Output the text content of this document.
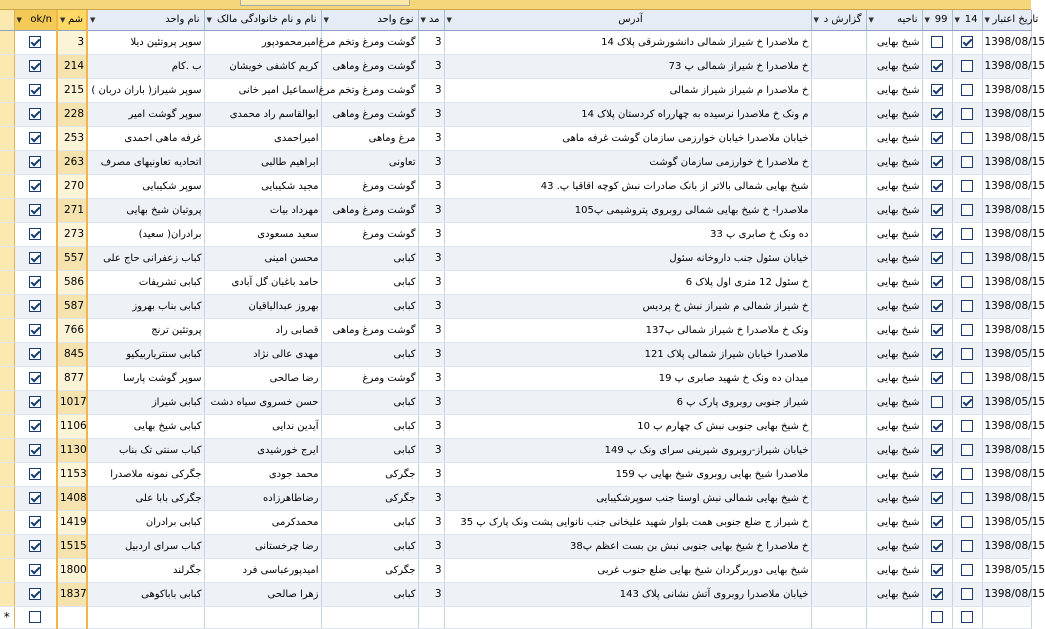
	▼ ok/n	▼ شم	▼ نام واحد	▼ نام و نام خانوادگی مالک	▼ نوع واحد	▼ مد	▼ آدرس	▼ گزارش د	▼ ناحیه	▼ 99	▼ 14	▼ تاریخ اعتبار
		3	سوپر پروتئین دیلا	امیرمحمودپور	گوشت ومرغ وتخم مرغ	3	خ ملاصدرا خ شیراز شمالی دانشورشرقی پلاک 14		شیخ بهایی			1398/08/15
		214	ب .کام	کریم کاشفی خویشان	گوشت ومرغ وماهی	3	خ ملاصدرا خ شیراز شمالی پ 73		شیخ بهایی			1398/08/15
		215	سوپر شیراز( باران دربان )	اسماعیل امیر خانی	گوشت ومرغ وتخم مرغ	3	خ ملاصدرا م شیراز شیراز شمالی		شیخ بهایی			1398/08/15
		228	سوپر گوشت امیر	ابوالقاسم راد محمدی	گوشت ومرغ وماهی	3	م ونک خ ملاصدرا نرسیده به چهارراه کردستان پلاک 14		شیخ بهایی			1398/08/15
		253	غرفه ماهی احمدی	امیراحمدی	مرغ وماهی	3	خیابان ملاصدرا خیابان خوارزمی سازمان گوشت غرفه ماهی		شیخ بهایی			1398/08/15
		263	اتحادیه تعاونیهای مصرف	ابراهیم طالبی	تعاونی	3	خ ملاصدرا خ خوارزمی سازمان گوشت		شیخ بهایی			1398/08/15
		270	سوپر شکیبایی	مجید شکیبایی	گوشت ومرغ	3	شیخ بهایی شمالی بالاتر از بانک صادرات نبش کوچه اقاقیا پ. 43		شیخ بهایی			1398/08/15
		271	پروتیان شیخ بهایی	مهرداد بیات	گوشت ومرغ وماهی	3	ملاصدرا- خ شیخ بهایی شمالی روبروی پتروشیمی پ105		شیخ بهایی			1398/08/15
		273	برادران( سعید)	سعید مسعودی	گوشت ومرغ	3	ده ونک خ صابری پ 33		شیخ بهایی			1398/08/15
		557	کباب زعفرانی حاج علی	محسن امینی	کبابی	3	خیابان سئول جنب داروخانه سئول		شیخ بهایی			1398/08/15
		586	کبابی تشریفات	حامد باغبان گل آبادی	کبابی	3	خ سئول 12 متری اول پلاک 6		شیخ بهایی			1398/08/15
		587	کبابی بناب بهروز	بهروز عبدالباقیان	کبابی	3	خ شیراز شمالی م شیراز نبش خ پردیس		شیخ بهایی			1398/08/15
		766	پروتئین ترنج	قصابی راد	گوشت ومرغ وماهی	3	ونک خ ملاصدرا خ شیراز شمالی پ137		شیخ بهایی			1398/08/15
		845	کبابی سنتریاربیکیو	مهدی عالی نژاد	کبابی	3	ملاصدرا خیابان شیراز شمالی پلاک 121		شیخ بهایی			1398/05/15
		877	سوپر گوشت پارسا	رضا صالحی	گوشت ومرغ	3	میدان ده ونک خ شهید صابری پ 19		شیخ بهایی			1398/08/15
		1017	کبابی شیراز	حسن خسروی سیاه دشت	کبابی	3	شیراز جنوبی روبروی پارک پ 6		شیخ بهایی			1398/05/15
		1106	کبابی شیخ بهایی	آیدین ندایی	کبابی	3	خ شیخ بهایی جنوبی نبش ک چهارم پ 10		شیخ بهایی			1398/08/15
		1130	کباب سنتی تک بناب	ایرج خورشیدی	کبابی	3	خیابان شیراز-روبروی شیرینی سرای ونک پ 149		شیخ بهایی			1398/08/15
		1153	جگرکی نمونه ملاصدرا	محمد جودی	جگرکی	3	ملاصدرا شیخ بهایی روبروی شیخ بهایی پ 159		شیخ بهایی			1398/08/15
		1408	جگرکی بابا علی	رضاطاهرزاده	جگرکی	3	خ شیخ بهایی شمالی نبش اوستا جنب سوپرشکیبایی		شیخ بهایی			1398/08/15
		1419	کبابی برادران	محمدکرمی	کبابی	3	خ شیراز ج ضلع جنوبی همت بلوار شهید علیخانی جنب نانوایی پشت ونک پارک پ 35		شیخ بهایی			1398/05/15
		1515	کباب سرای اردبیل	رضا چرخستانی	کبابی	3	خ ملاصدرا خ شیخ بهایی جنوبی نبش بن بست اعظم پ38		شیخ بهایی			1398/08/15
		1800	جگرلند	امیدپورعباسی فرد	جگرکی	3	شیخ بهایی دوربرگردان شیخ بهایی ضلع جنوب غربی		شیخ بهایی			1398/05/15
		1837	کبابی باباکوهی	زهرا صالحی	کبابی	3	خیابان ملاصدرا روبروی آتش نشانی پلاک 143		شیخ بهایی			1398/08/15
*												
